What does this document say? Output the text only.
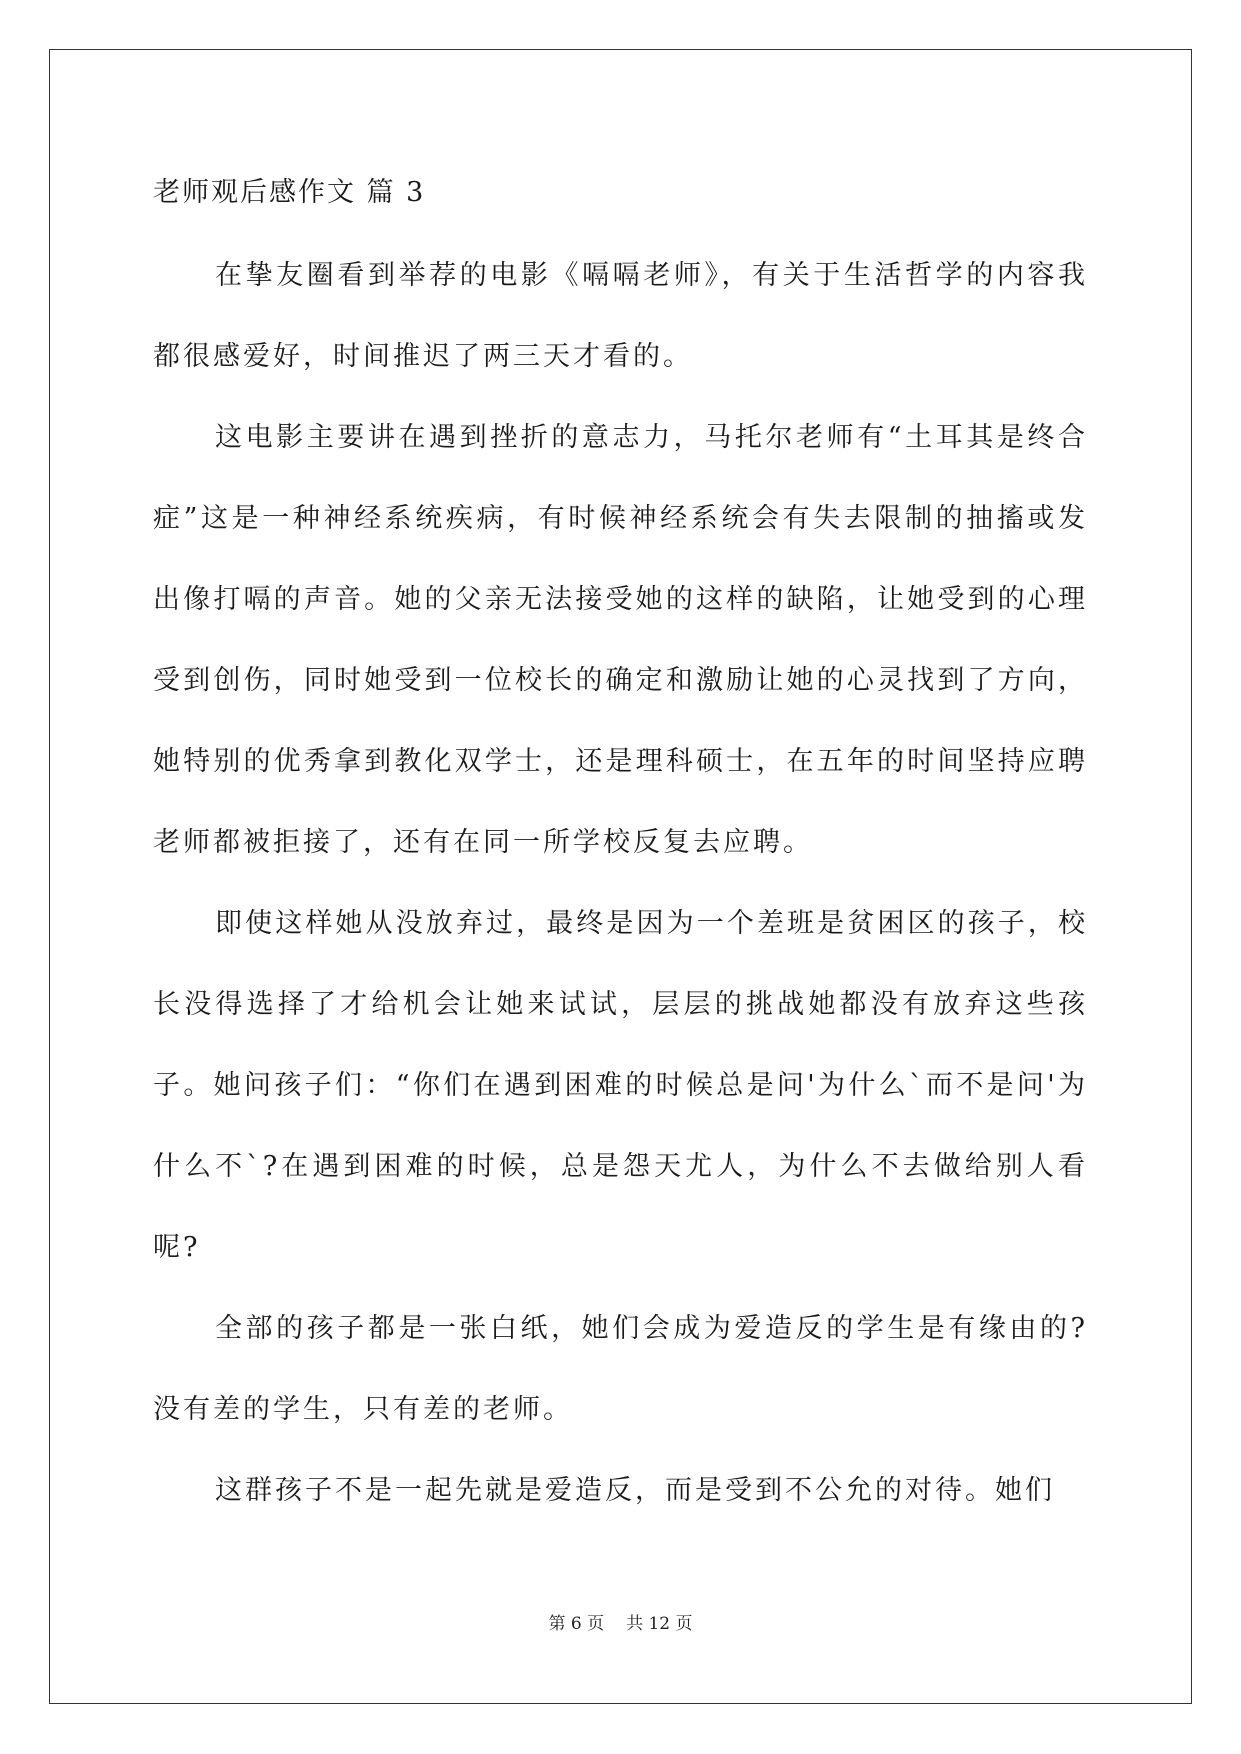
老师观后感作文 篇 3

在挚友圈看到举荐的电影《嗝嗝老师》，有关于生活哲学的内容我都很感爱好，时间推迟了两三天才看的。

这电影主要讲在遇到挫折的意志力，马托尔老师有“土耳其是终合症”这是一种神经系统疾病，有时候神经系统会有失去限制的抽搐或发出像打嗝的声音。她的父亲无法接受她的这样的缺陷，让她受到的心理受到创伤，同时她受到一位校长的确定和激励让她的心灵找到了方向，她特别的优秀拿到教化双学士，还是理科硕士，在五年的时间坚持应聘老师都被拒接了，还有在同一所学校反复去应聘。

即使这样她从没放弃过，最终是因为一个差班是贫困区的孩子，校长没得选择了才给机会让她来试试，层层的挑战她都没有放弃这些孩子。她问孩子们：“你们在遇到困难的时候总是问'为什么`而不是问'为什么不`?在遇到困难的时候，总是怨天尤人，为什么不去做给别人看呢?

全部的孩子都是一张白纸，她们会成为爱造反的学生是有缘由的?没有差的学生，只有差的老师。

这群孩子不是一起先就是爱造反，而是受到不公允的对待。她们

第 6 页 共 12 页
